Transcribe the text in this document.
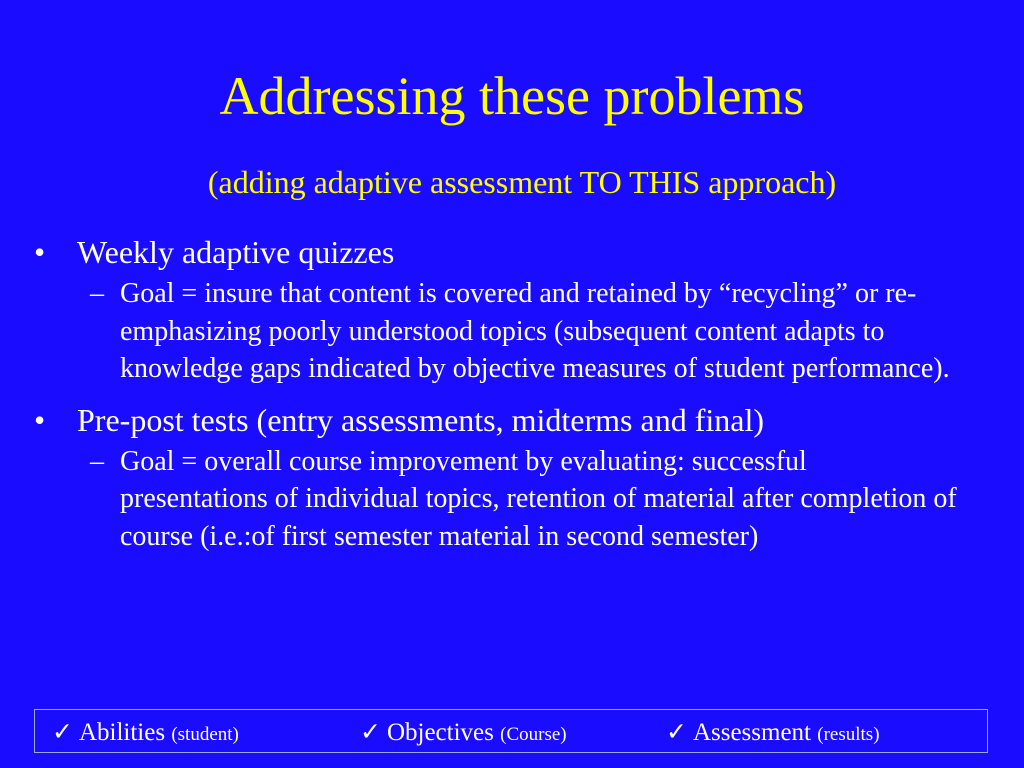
Addressing these problems
(adding adaptive assessment TO THIS approach)
• Weekly adaptive quizzes
– Goal = insure that content is covered and retained by “recycling” or re-emphasizing poorly understood topics (subsequent content adapts to knowledge gaps indicated by objective measures of student performance).
• Pre-post tests (entry assessments, midterms and final)
– Goal = overall course improvement by evaluating: successful presentations of individual topics, retention of material after completion of course (i.e.:of first semester material in second semester)
✓ Abilities (student)	✓ Objectives (Course)	✓ Assessment (results)
